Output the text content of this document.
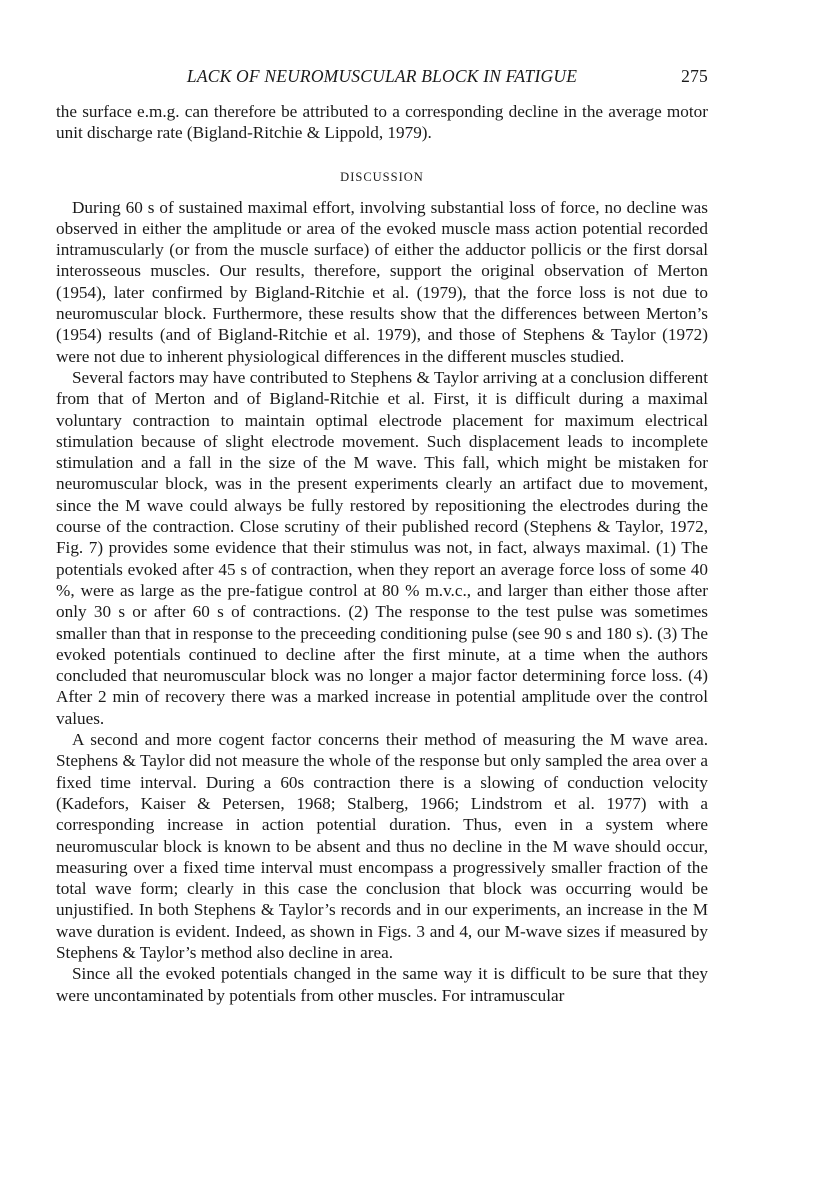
LACK OF NEUROMUSCULAR BLOCK IN FATIGUE	275

the surface e.m.g. can therefore be attributed to a corresponding decline in the average motor unit discharge rate (Bigland-Ritchie & Lippold, 1979).

DISCUSSION

During 60 s of sustained maximal effort, involving substantial loss of force, no decline was observed in either the amplitude or area of the evoked muscle mass action potential recorded intramuscularly (or from the muscle surface) of either the adductor pollicis or the first dorsal interosseous muscles. Our results, therefore, support the original observation of Merton (1954), later confirmed by Bigland-Ritchie et al. (1979), that the force loss is not due to neuromuscular block. Furthermore, these results show that the differences between Merton’s (1954) results (and of Bigland-Ritchie et al. 1979), and those of Stephens & Taylor (1972) were not due to inherent physiological differences in the different muscles studied.

Several factors may have contributed to Stephens & Taylor arriving at a conclusion different from that of Merton and of Bigland-Ritchie et al. First, it is difficult during a maximal voluntary contraction to maintain optimal electrode placement for maximum electrical stimulation because of slight electrode movement. Such displacement leads to incomplete stimulation and a fall in the size of the M wave. This fall, which might be mistaken for neuromuscular block, was in the present experiments clearly an artifact due to movement, since the M wave could always be fully restored by repositioning the electrodes during the course of the contraction. Close scrutiny of their published record (Stephens & Taylor, 1972, Fig. 7) provides some evidence that their stimulus was not, in fact, always maximal. (1) The potentials evoked after 45 s of contraction, when they report an average force loss of some 40 %, were as large as the pre-fatigue control at 80 % m.v.c., and larger than either those after only 30 s or after 60 s of contractions. (2) The response to the test pulse was sometimes smaller than that in response to the preceeding conditioning pulse (see 90 s and 180 s). (3) The evoked potentials continued to decline after the first minute, at a time when the authors concluded that neuromuscular block was no longer a major factor determining force loss. (4) After 2 min of recovery there was a marked increase in potential amplitude over the control values.

A second and more cogent factor concerns their method of measuring the M wave area. Stephens & Taylor did not measure the whole of the response but only sampled the area over a fixed time interval. During a 60s contraction there is a slowing of conduction velocity (Kadefors, Kaiser & Petersen, 1968; Stalberg, 1966; Lindstrom et al. 1977) with a corresponding increase in action potential duration. Thus, even in a system where neuromuscular block is known to be absent and thus no decline in the M wave should occur, measuring over a fixed time interval must encompass a progressively smaller fraction of the total wave form; clearly in this case the conclusion that block was occurring would be unjustified. In both Stephens & Taylor’s records and in our experiments, an increase in the M wave duration is evident. Indeed, as shown in Figs. 3 and 4, our M-wave sizes if measured by Stephens & Taylor’s method also decline in area.

Since all the evoked potentials changed in the same way it is difficult to be sure that they were uncontaminated by potentials from other muscles. For intramuscular
